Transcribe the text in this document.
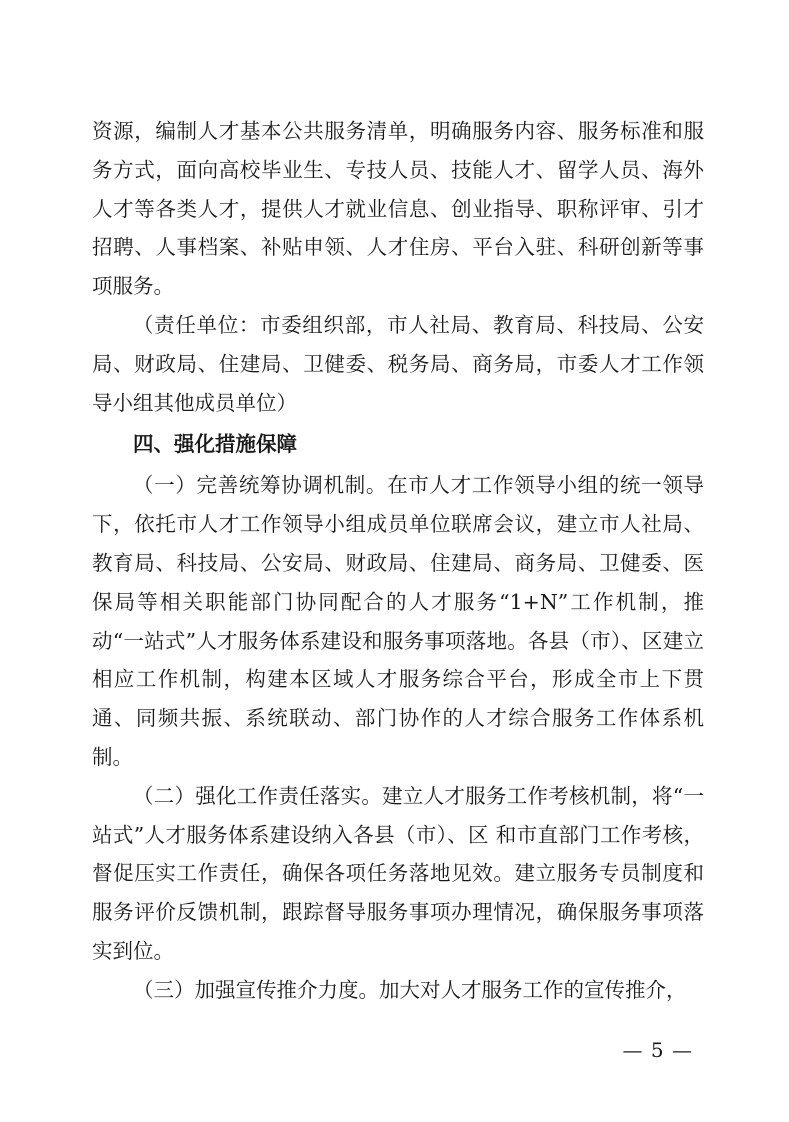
资源，编制人才基本公共服务清单，明确服务内容、服务标准和服务方式，面向高校毕业生、专技人员、技能人才、留学人员、海外人才等各类人才，提供人才就业信息、创业指导、职称评审、引才招聘、人事档案、补贴申领、人才住房、平台入驻、科研创新等事项服务。

（责任单位：市委组织部，市人社局、教育局、科技局、公安局、财政局、住建局、卫健委、税务局、商务局，市委人才工作领导小组其他成员单位）

四、强化措施保障

（一）完善统筹协调机制。在市人才工作领导小组的统一领导下，依托市人才工作领导小组成员单位联席会议，建立市人社局、教育局、科技局、公安局、财政局、住建局、商务局、卫健委、医保局等相关职能部门协同配合的人才服务“1+N”工作机制，推动“一站式”人才服务体系建设和服务事项落地。各县（市）、区建立相应工作机制，构建本区域人才服务综合平台，形成全市上下贯通、同频共振、系统联动、部门协作的人才综合服务工作体系机制。

（二）强化工作责任落实。建立人才服务工作考核机制，将“一站式”人才服务体系建设纳入各县（市）、区 和市直部门工作考核，督促压实工作责任，确保各项任务落地见效。建立服务专员制度和服务评价反馈机制，跟踪督导服务事项办理情况，确保服务事项落实到位。

（三）加强宣传推介力度。加大对人才服务工作的宣传推介，

— 5 —
